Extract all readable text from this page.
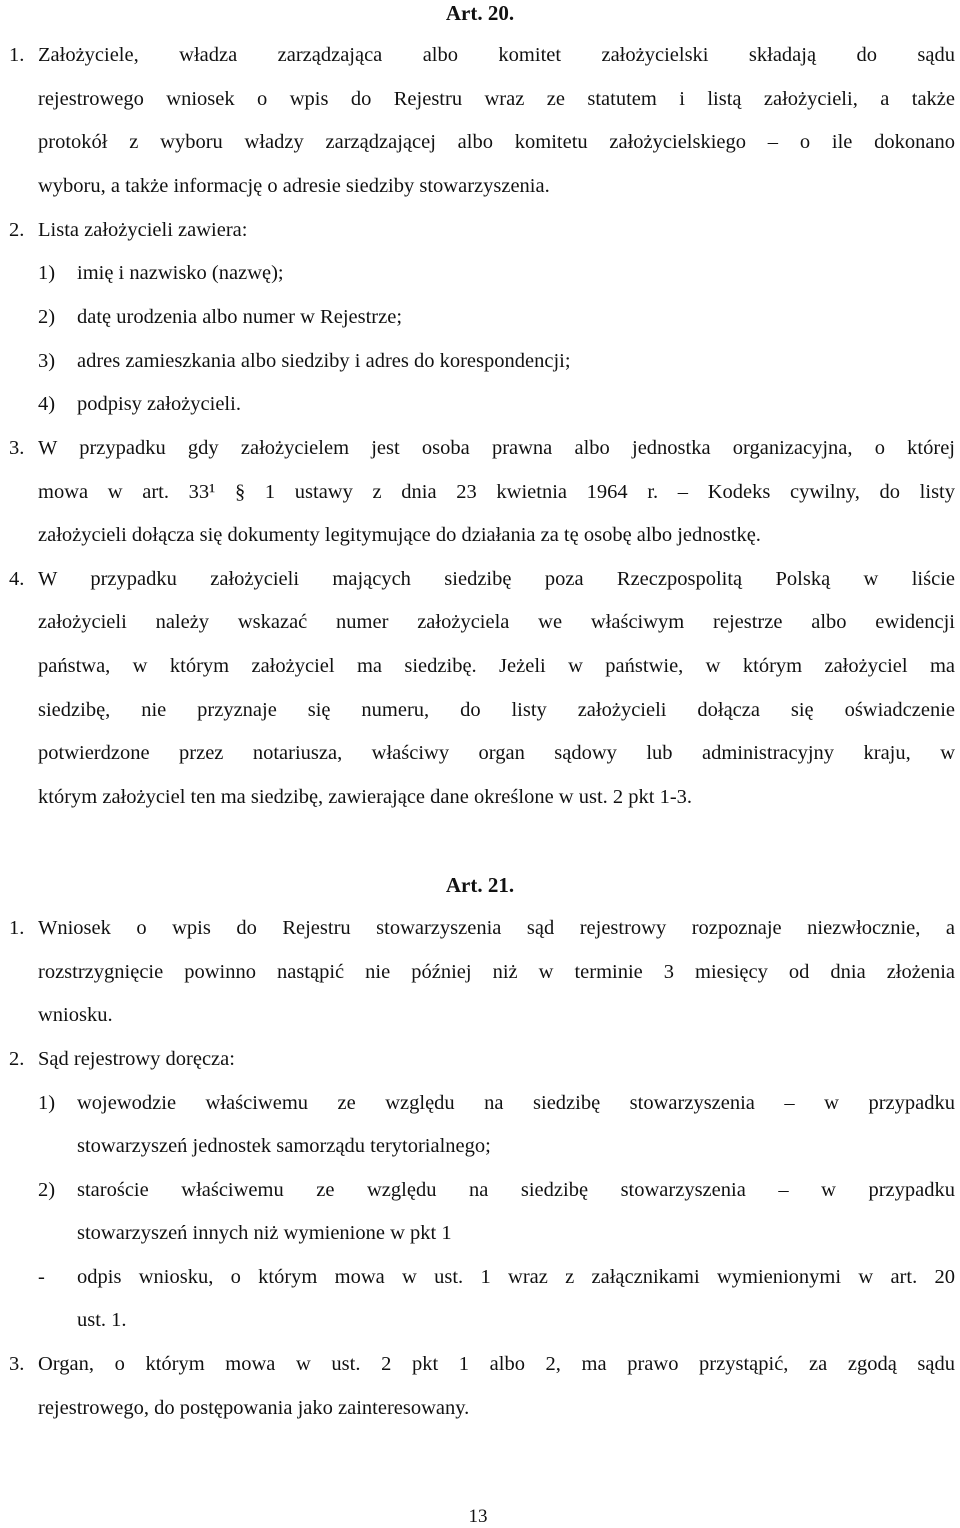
Art. 20.
1. Założyciele, władza zarządzająca albo komitet założycielski składają do sądu
rejestrowego wniosek o wpis do Rejestru wraz ze statutem i listą założycieli, a także
protokół z wyboru władzy zarządzającej albo komitetu założycielskiego – o ile dokonano
wyboru, a także informację o adresie siedziby stowarzyszenia.
2. Lista założycieli zawiera:
1) imię i nazwisko (nazwę);
2) datę urodzenia albo numer w Rejestrze;
3) adres zamieszkania albo siedziby i adres do korespondencji;
4) podpisy założycieli.
3. W przypadku gdy założycielem jest osoba prawna albo jednostka organizacyjna, o której
mowa w art. 33¹ § 1 ustawy z dnia 23 kwietnia 1964 r. – Kodeks cywilny, do listy
założycieli dołącza się dokumenty legitymujące do działania za tę osobę albo jednostkę.
4. W przypadku założycieli mających siedzibę poza Rzeczpospolitą Polską w liście
założycieli należy wskazać numer założyciela we właściwym rejestrze albo ewidencji
państwa, w którym założyciel ma siedzibę. Jeżeli w państwie, w którym założyciel ma
siedzibę, nie przyznaje się numeru, do listy założycieli dołącza się oświadczenie
potwierdzone przez notariusza, właściwy organ sądowy lub administracyjny kraju, w
którym założyciel ten ma siedzibę, zawierające dane określone w ust. 2 pkt 1-3.
Art. 21.
1. Wniosek o wpis do Rejestru stowarzyszenia sąd rejestrowy rozpoznaje niezwłocznie, a
rozstrzygnięcie powinno nastąpić nie później niż w terminie 3 miesięcy od dnia złożenia
wniosku.
2. Sąd rejestrowy doręcza:
1) wojewodzie właściwemu ze względu na siedzibę stowarzyszenia – w przypadku
stowarzyszeń jednostek samorządu terytorialnego;
2) staroście właściwemu ze względu na siedzibę stowarzyszenia – w przypadku
stowarzyszeń innych niż wymienione w pkt 1
- odpis wniosku, o którym mowa w ust. 1 wraz z załącznikami wymienionymi w art. 20
ust. 1.
3. Organ, o którym mowa w ust. 2 pkt 1 albo 2, ma prawo przystąpić, za zgodą sądu
rejestrowego, do postępowania jako zainteresowany.
13
